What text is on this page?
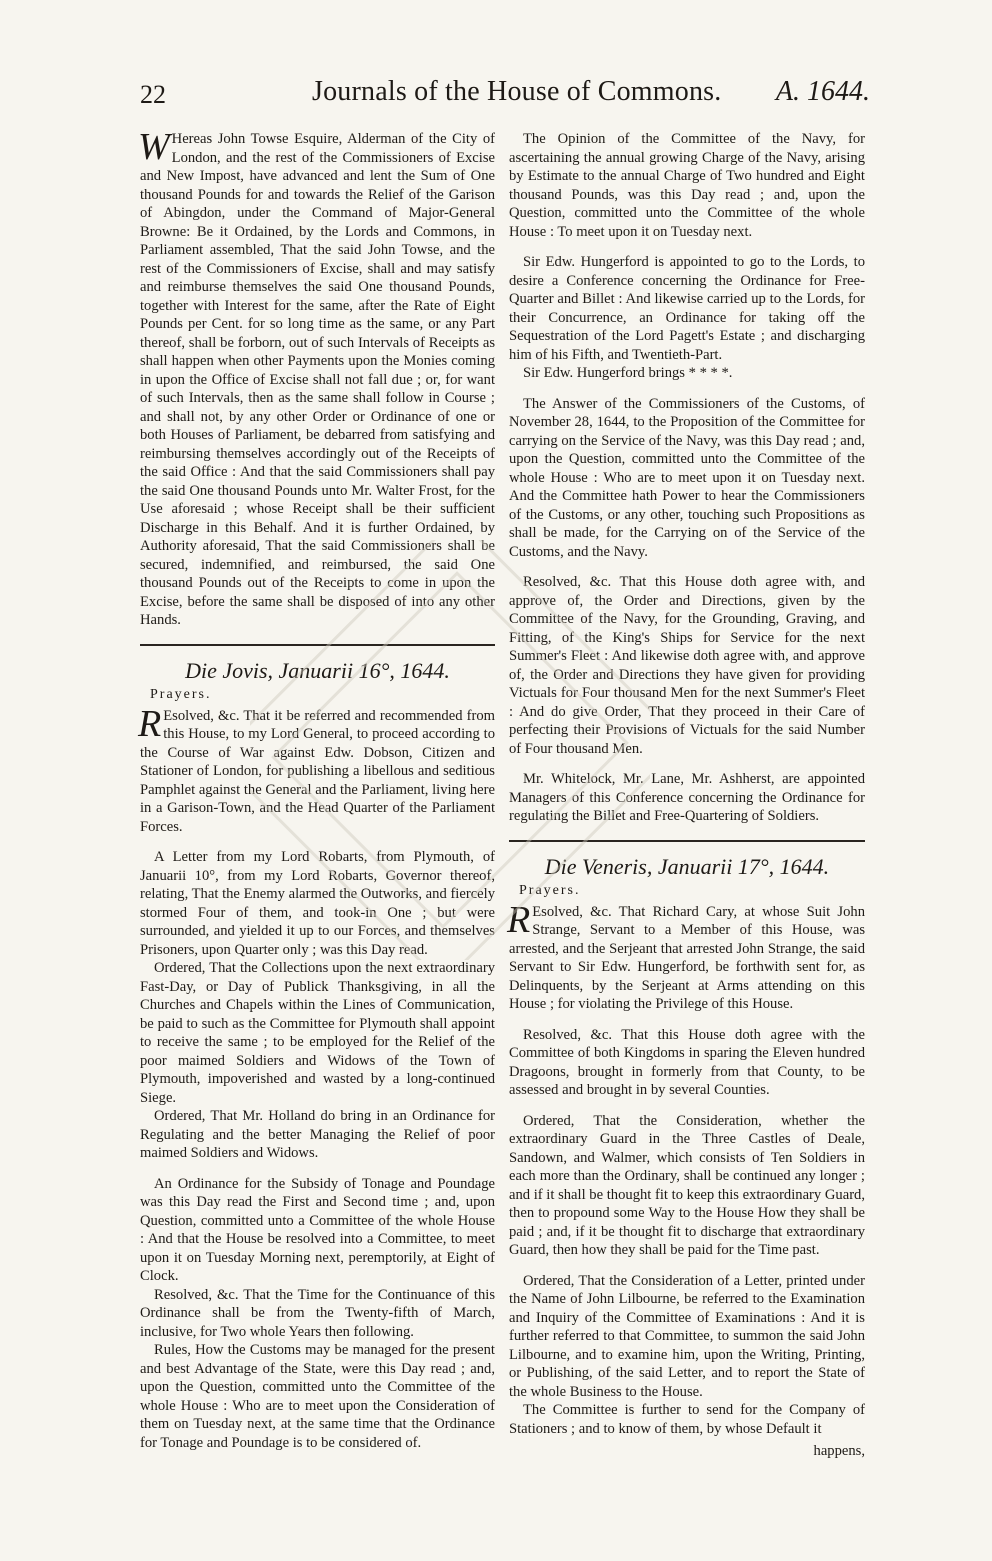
22	Journals of the House of Commons. A. 1644.

W Hereas John Towse Esquire, Alderman of the City of London, and the rest of the Commissioners of Excise and New Impost, have advanced and lent the Sum of One thousand Pounds for and towards the Relief of the Garison of Abingdon, under the Command of Major-General Browne: Be it Ordained, by the Lords and Commons, in Parliament assembled, That the said John Towse, and the rest of the Commissioners of Excise, shall and may satisfy and reimburse themselves the said One thousand Pounds, together with Interest for the same, after the Rate of Eight Pounds per Cent. for so long time as the same, or any Part thereof, shall be forborn, out of such Intervals of Receipts as shall happen when other Payments upon the Monies coming in upon the Office of Excise shall not fall due ; or, for want of such Intervals, then as the same shall follow in Course ; and shall not, by any other Order or Ordinance of one or both Houses of Parliament, be debarred from satisfying and reimbursing themselves accordingly out of the Receipts of the said Office : And that the said Commissioners shall pay the said One thousand Pounds unto Mr. Walter Frost, for the Use aforesaid ; whose Receipt shall be their sufficient Discharge in this Behalf. And it is further Ordained, by Authority aforesaid, That the said Commissioners shall be secured, indemnified, and reimbursed, the said One thousand Pounds out of the Receipts to come in upon the Excise, before the same shall be disposed of into any other Hands.

Die Jovis, Januarii 16°, 1644.
Prayers.

R Esolved, &c. That it be referred and recommended from this House, to my Lord General, to proceed according to the Course of War against Edw. Dobson, Citizen and Stationer of London, for publishing a libellous and seditious Pamphlet against the General and the Parliament, living here in a Garison-Town, and the Head Quarter of the Parliament Forces.

A Letter from my Lord Robarts, from Plymouth, of Januarii 10°, from my Lord Robarts, Governor thereof, relating, That the Enemy alarmed the Outworks, and fiercely stormed Four of them, and took-in One ; but were surrounded, and yielded it up to our Forces, and themselves Prisoners, upon Quarter only ; was this Day read.

Ordered, That the Collections upon the next extraordinary Fast-Day, or Day of Publick Thanksgiving, in all the Churches and Chapels within the Lines of Communication, be paid to such as the Committee for Plymouth shall appoint to receive the same ; to be employed for the Relief of the poor maimed Soldiers and Widows of the Town of Plymouth, impoverished and wasted by a long-continued Siege.

Ordered, That Mr. Holland do bring in an Ordinance for Regulating and the better Managing the Relief of poor maimed Soldiers and Widows.

An Ordinance for the Subsidy of Tonage and Poundage was this Day read the First and Second time ; and, upon Question, committed unto a Committee of the whole House : And that the House be resolved into a Committee, to meet upon it on Tuesday Morning next, peremptorily, at Eight of Clock.

Resolved, &c. That the Time for the Continuance of this Ordinance shall be from the Twenty-fifth of March, inclusive, for Two whole Years then following.

Rules, How the Customs may be managed for the present and best Advantage of the State, were this Day read ; and, upon the Question, committed unto the Committee of the whole House : Who are to meet upon the Consideration of them on Tuesday next, at the same time that the Ordinance for Tonage and Poundage is to be considered of.

The Opinion of the Committee of the Navy, for ascertaining the annual growing Charge of the Navy, arising by Estimate to the annual Charge of Two hundred and Eight thousand Pounds, was this Day read ; and, upon the Question, committed unto the Committee of the whole House : To meet upon it on Tuesday next.

Sir Edw. Hungerford is appointed to go to the Lords, to desire a Conference concerning the Ordinance for Free-Quarter and Billet : And likewise carried up to the Lords, for their Concurrence, an Ordinance for taking off the Sequestration of the Lord Pagett's Estate ; and discharging him of his Fifth, and Twentieth-Part.

Sir Edw. Hungerford brings * * * *.

The Answer of the Commissioners of the Customs, of November 28, 1644, to the Proposition of the Committee for carrying on the Service of the Navy, was this Day read ; and, upon the Question, committed unto the Committee of the whole House : Who are to meet upon it on Tuesday next. And the Committee hath Power to hear the Commissioners of the Customs, or any other, touching such Propositions as shall be made, for the Carrying on of the Service of the Customs, and the Navy.

Resolved, &c. That this House doth agree with, and approve of, the Order and Directions, given by the Committee of the Navy, for the Grounding, Graving, and Fitting, of the King's Ships for Service for the next Summer's Fleet : And likewise doth agree with, and approve of, the Order and Directions they have given for providing Victuals for Four thousand Men for the next Summer's Fleet : And do give Order, That they proceed in their Care of perfecting their Provisions of Victuals for the said Number of Four thousand Men.

Mr. Whitelock, Mr. Lane, Mr. Ashherst, are appointed Managers of this Conference concerning the Ordinance for regulating the Billet and Free-Quartering of Soldiers.

Die Veneris, Januarii 17°, 1644.
Prayers.

R Esolved, &c. That Richard Cary, at whose Suit John Strange, Servant to a Member of this House, was arrested, and the Serjeant that arrested John Strange, the said Servant to Sir Edw. Hungerford, be forthwith sent for, as Delinquents, by the Serjeant at Arms attending on this House ; for violating the Privilege of this House.

Resolved, &c. That this House doth agree with the Committee of both Kingdoms in sparing the Eleven hundred Dragoons, brought in formerly from that County, to be assessed and brought in by several Counties.

Ordered, That the Consideration, whether the extraordinary Guard in the Three Castles of Deale, Sandown, and Walmer, which consists of Ten Soldiers in each more than the Ordinary, shall be continued any longer ; and if it shall be thought fit to keep this extraordinary Guard, then to propound some Way to the House How they shall be paid ; and, if it be thought fit to discharge that extraordinary Guard, then how they shall be paid for the Time past.

Ordered, That the Consideration of a Letter, printed under the Name of John Lilbourne, be referred to the Examination and Inquiry of the Committee of Examinations : And it is further referred to that Committee, to summon the said John Lilbourne, and to examine him, upon the Writing, Printing, or Publishing, of the said Letter, and to report the State of the whole Business to the House.

The Committee is further to send for the Company of Stationers ; and to know of them, by whose Default it

happens,
